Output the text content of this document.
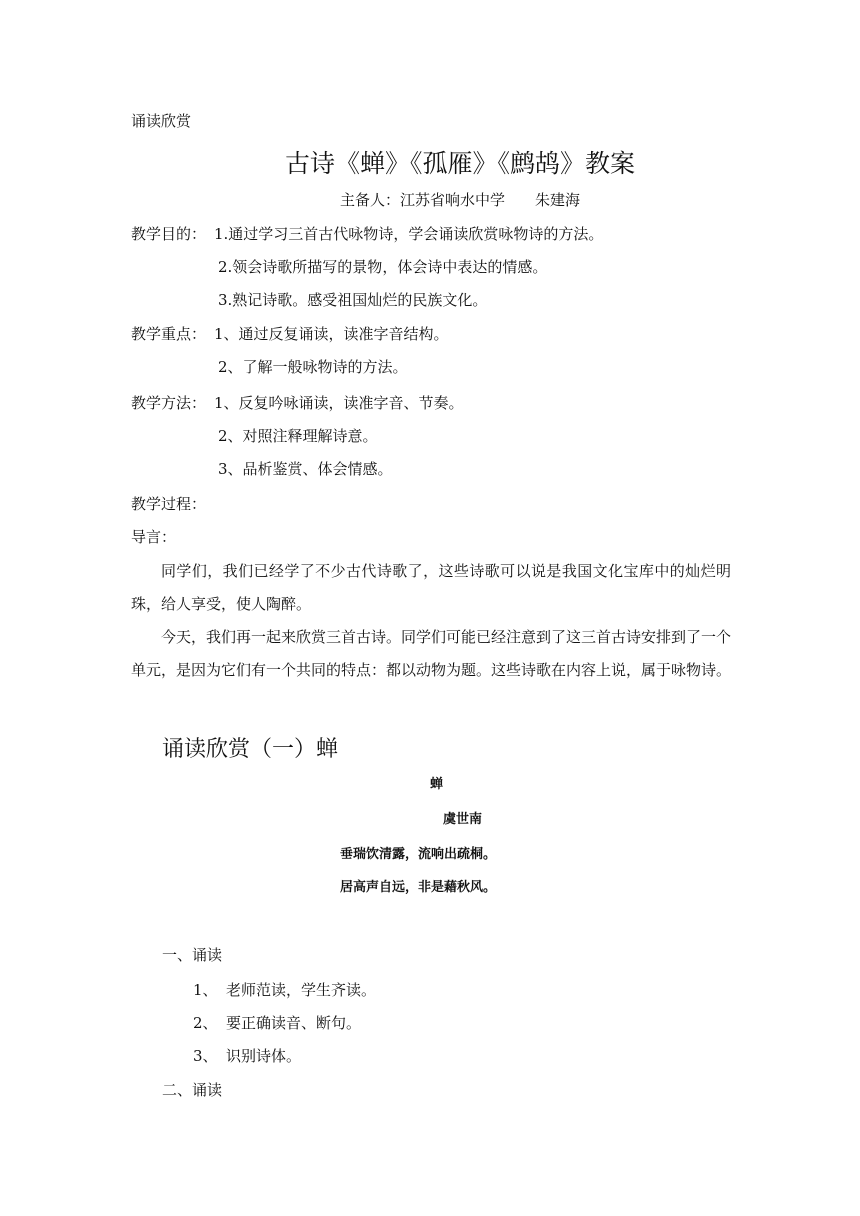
诵读欣赏
古诗《蝉》《孤雁》《鹧鸪》教案
主备人：江苏省响水中学　　朱建海
教学目的： 1.通过学习三首古代咏物诗，学会诵读欣赏咏物诗的方法。
2.领会诗歌所描写的景物，体会诗中表达的情感。
3.熟记诗歌。感受祖国灿烂的民族文化。
教学重点： 1、通过反复诵读，读准字音结构。
2、了解一般咏物诗的方法。
教学方法： 1、反复吟咏诵读，读准字音、节奏。
2、对照注释理解诗意。
3、品析鉴赏、体会情感。
教学过程：
导言：

同学们，我们已经学了不少古代诗歌了，这些诗歌可以说是我国文化宝库中的灿烂明珠，给人享受，使人陶醉。

今天，我们再一起来欣赏三首古诗。同学们可能已经注意到了这三首古诗安排到了一个单元，是因为它们有一个共同的特点：都以动物为题。这些诗歌在内容上说，属于咏物诗。

诵读欣赏（一）蝉
蝉
虞世南
垂瑞饮清露，流响出疏桐。
居高声自远，非是藉秋风。
一、诵读
1、 老师范读，学生齐读。
2、 要正确读音、断句。
3、 识别诗体。
二、诵读
